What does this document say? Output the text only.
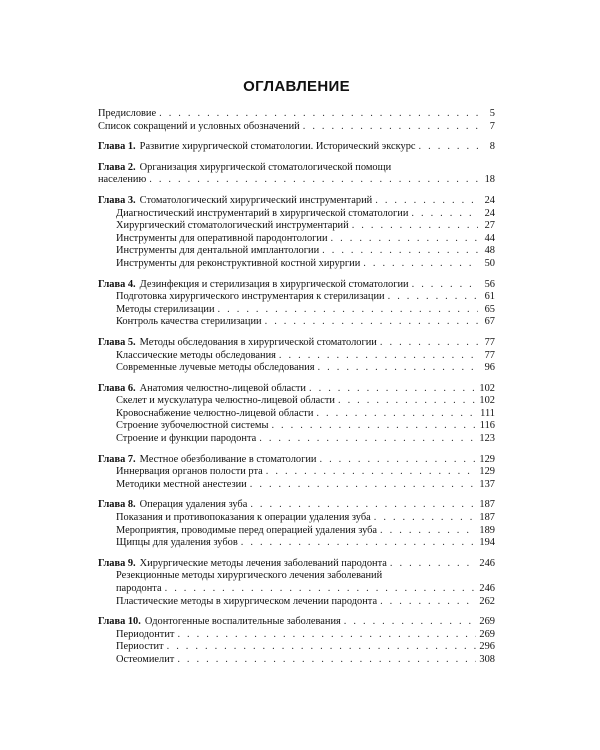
ОГЛАВЛЕНИЕ
Предисловие . . .	5
Список сокращений и условных обозначений . . .	7
Глава 1. Развитие хирургической стоматологии. Исторический экскурс . . .	8
Глава 2. Организация хирургической стоматологической помощи
населению . . .	18
Глава 3. Стоматологический хирургический инструментарий . . .	24
Диагностический инструментарий в хирургической стоматологии . . .	24
Хирургический стоматологический инструментарий . . .	27
Инструменты для оперативной пародонтологии . . .	44
Инструменты для дентальной имплантологии . . .	48
Инструменты для реконструктивной костной хирургии . . .	50
Глава 4. Дезинфекция и стерилизация в хирургической стоматологии . . .	56
Подготовка хирургического инструментария к стерилизации . . .	61
Методы стерилизации . . .	65
Контроль качества стерилизации . . .	67
Глава 5. Методы обследования в хирургической стоматологии . . .	77
Классические методы обследования . . .	77
Современные лучевые методы обследования . . .	96
Глава 6. Анатомия челюстно-лицевой области . . .	102
Скелет и мускулатура челюстно-лицевой области . . .	102
Кровоснабжение челюстно-лицевой области . . .	111
Строение зубочелюстной системы . . .	116
Строение и функции пародонта . . .	123
Глава 7. Местное обезболивание в стоматологии . . .	129
Иннервация органов полости рта . . .	129
Методики местной анестезии . . .	137
Глава 8. Операция удаления зуба . . .	187
Показания и противопоказания к операции удаления зуба . . .	187
Мероприятия, проводимые перед операцией удаления зуба . . .	189
Щипцы для удаления зубов . . .	194
Глава 9. Хирургические методы лечения заболеваний пародонта . . .	246
Резекционные методы хирургического лечения заболеваний
пародонта . . .	246
Пластические методы в хирургическом лечении пародонта . . .	262
Глава 10. Одонтогенные воспалительные заболевания . . .	269
Периодонтит . . .	269
Периостит . . .	296
Остеомиелит . . .	308
